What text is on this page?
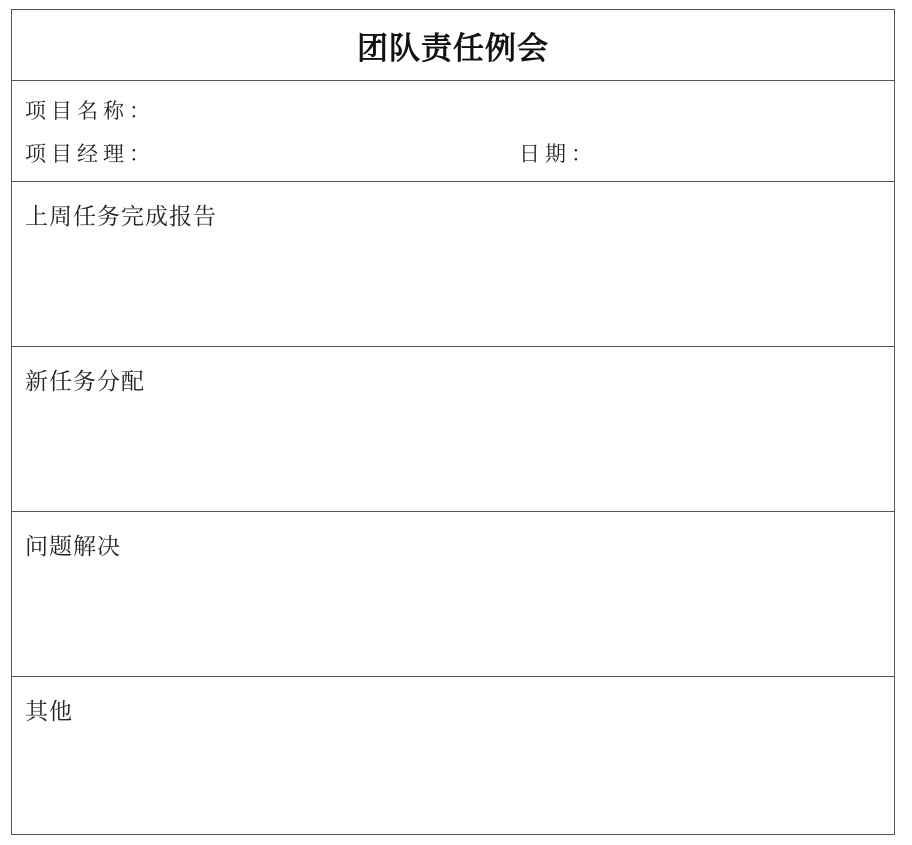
团队责任例会
项目名称：
项目经理：	日期：
上周任务完成报告
新任务分配
问题解决
其他
